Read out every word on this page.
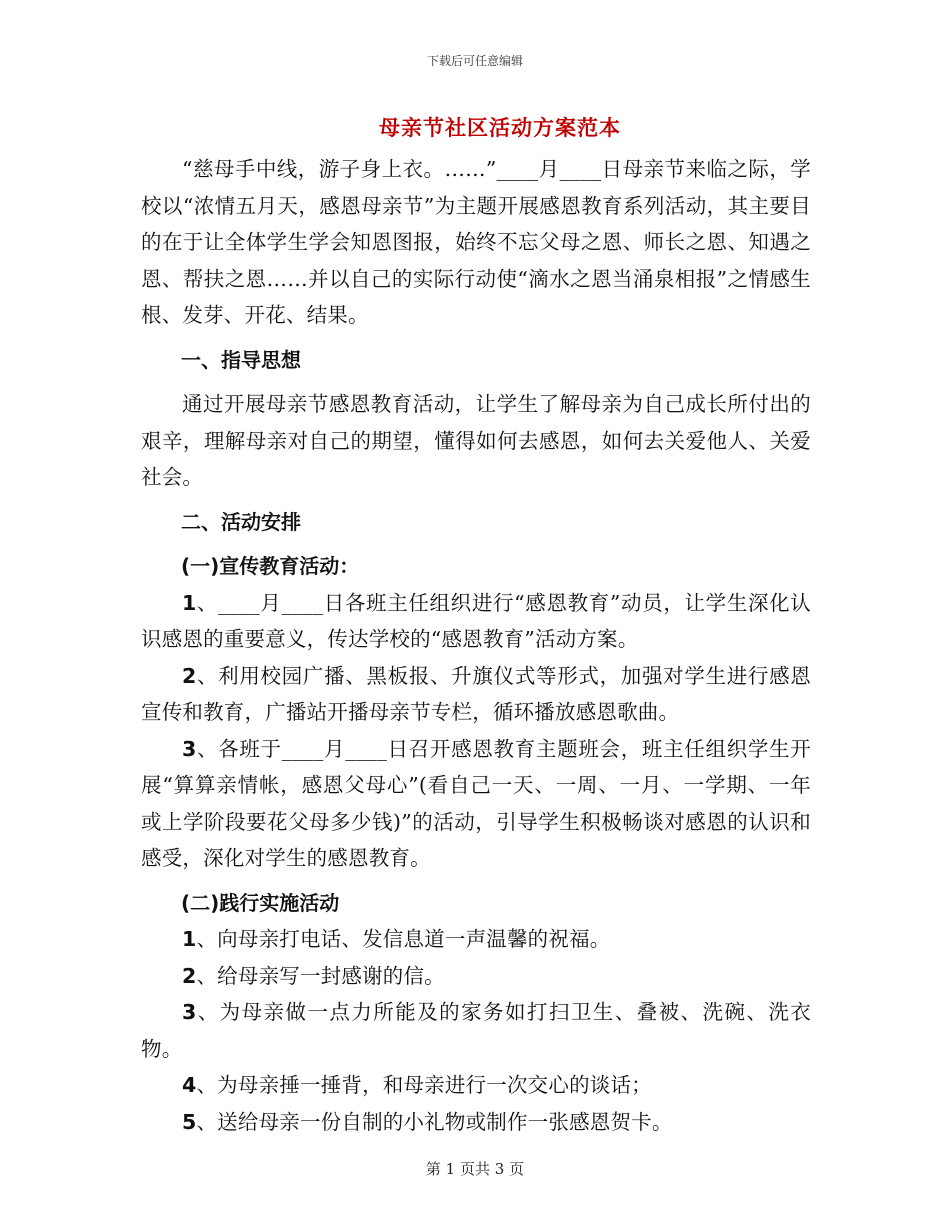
下载后可任意编辑
母亲节社区活动方案范本

“慈母手中线，游子身上衣。……”____月____日母亲节来临之际，学校以“浓情五月天，感恩母亲节”为主题开展感恩教育系列活动，其主要目的在于让全体学生学会知恩图报，始终不忘父母之恩、师长之恩、知遇之恩、帮扶之恩……并以自己的实际行动使“滴水之恩当涌泉相报”之情感生根、发芽、开花、结果。

一、指导思想

通过开展母亲节感恩教育活动，让学生了解母亲为自己成长所付出的艰辛，理解母亲对自己的期望，懂得如何去感恩，如何去关爱他人、关爱社会。

二、活动安排

(一)宣传教育活动：

1、____月____日各班主任组织进行“感恩教育”动员，让学生深化认识感恩的重要意义，传达学校的“感恩教育”活动方案。

2、利用校园广播、黑板报、升旗仪式等形式，加强对学生进行感恩宣传和教育，广播站开播母亲节专栏，循环播放感恩歌曲。

3、各班于____月____日召开感恩教育主题班会，班主任组织学生开展“算算亲情帐，感恩父母心”(看自己一天、一周、一月、一学期、一年或上学阶段要花父母多少钱)”的活动，引导学生积极畅谈对感恩的认识和感受，深化对学生的感恩教育。

(二)践行实施活动

1、向母亲打电话、发信息道一声温馨的祝福。

2、给母亲写一封感谢的信。

3、为母亲做一点力所能及的家务如打扫卫生、叠被、洗碗、洗衣物。

4、为母亲捶一捶背，和母亲进行一次交心的谈话；

5、送给母亲一份自制的小礼物或制作一张感恩贺卡。

第 1 页共 3 页
